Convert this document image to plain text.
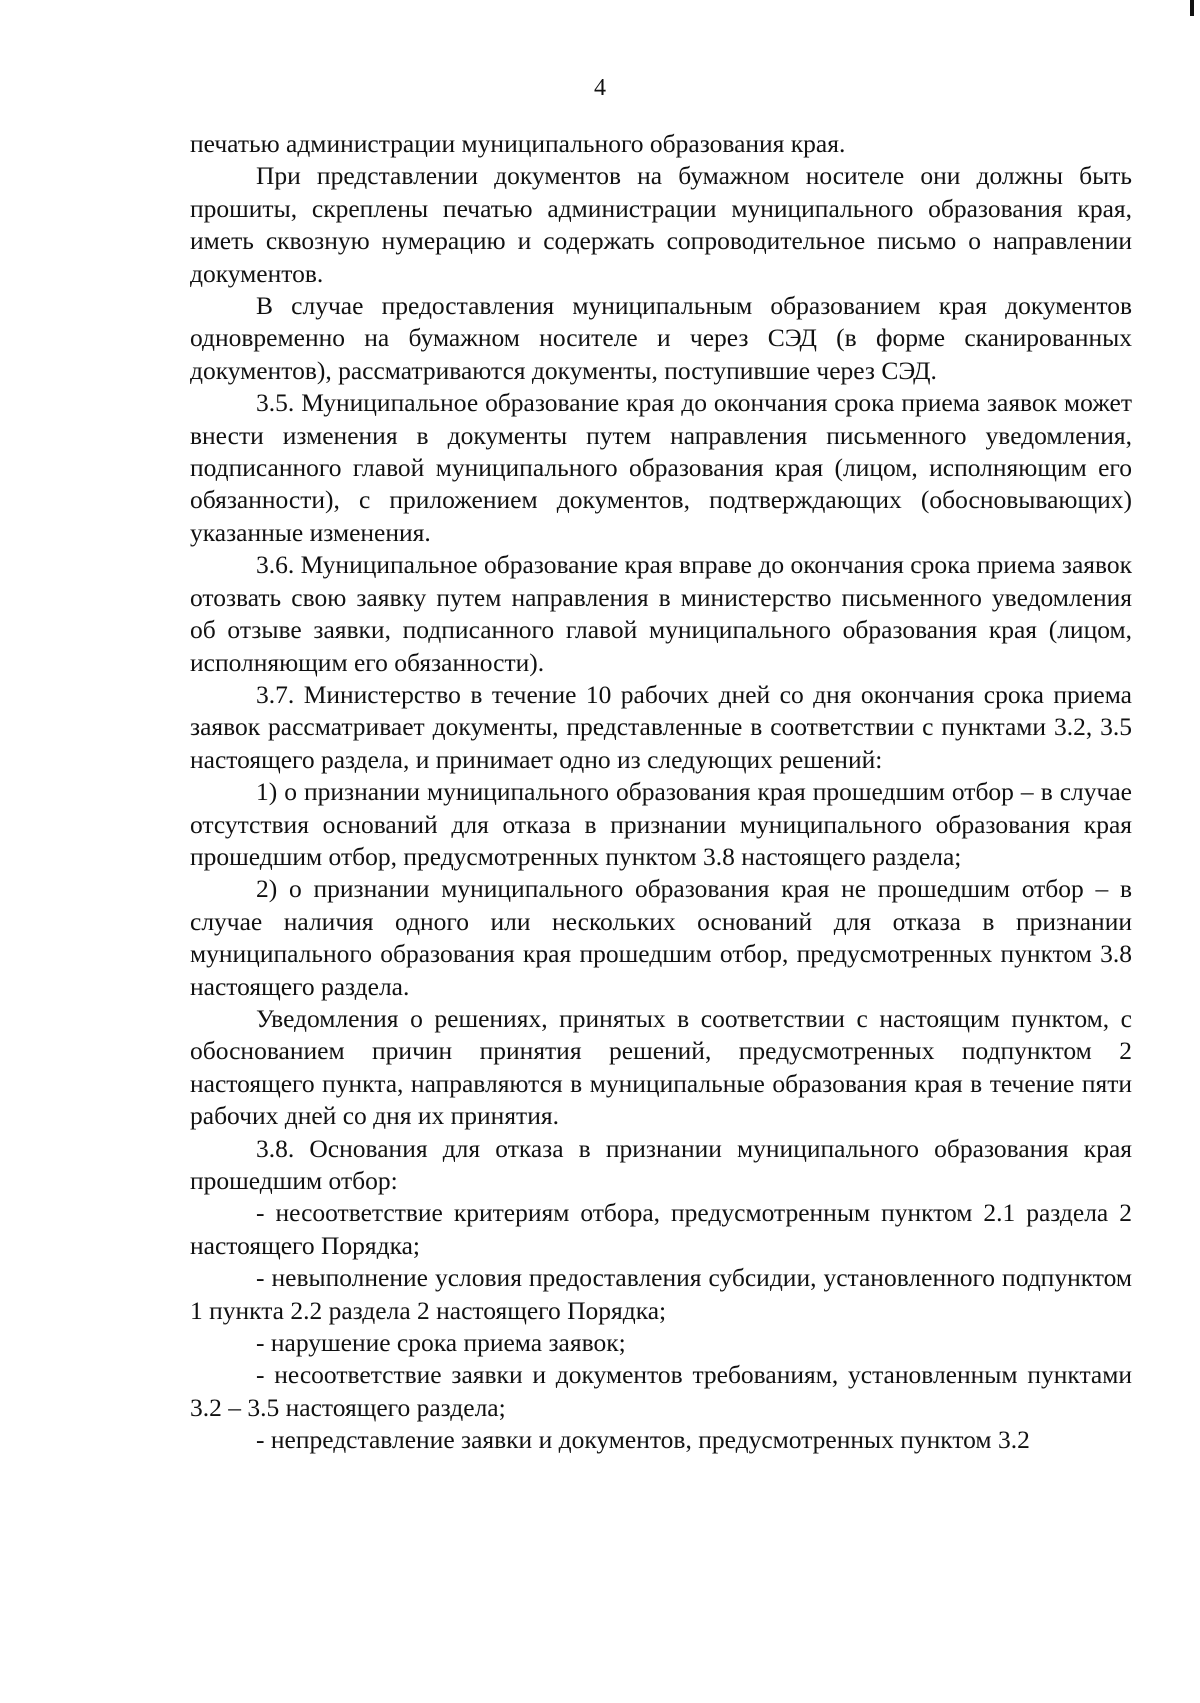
4

печатью администрации муниципального образования края.

При представлении документов на бумажном носителе они должны быть прошиты, скреплены печатью администрации муниципального образования края, иметь сквозную нумерацию и содержать сопроводительное письмо о направлении документов.

В случае предоставления муниципальным образованием края документов одновременно на бумажном носителе и через СЭД (в форме сканированных документов), рассматриваются документы, поступившие через СЭД.

3.5. Муниципальное образование края до окончания срока приема заявок может внести изменения в документы путем направления письменного уведомления, подписанного главой муниципального образования края (лицом, исполняющим его обязанности), с приложением документов, подтверждающих (обосновывающих) указанные изменения.

3.6. Муниципальное образование края вправе до окончания срока приема заявок отозвать свою заявку путем направления в министерство письменного уведомления об отзыве заявки, подписанного главой муниципального образования края (лицом, исполняющим его обязанности).

3.7. Министерство в течение 10 рабочих дней со дня окончания срока приема заявок рассматривает документы, представленные в соответствии с пунктами 3.2, 3.5 настоящего раздела, и принимает одно из следующих решений:

1) о признании муниципального образования края прошедшим отбор – в случае отсутствия оснований для отказа в признании муниципального образования края прошедшим отбор, предусмотренных пунктом 3.8 настоящего раздела;

2) о признании муниципального образования края не прошедшим отбор – в случае наличия одного или нескольких оснований для отказа в признании муниципального образования края прошедшим отбор, предусмотренных пунктом 3.8 настоящего раздела.

Уведомления о решениях, принятых в соответствии с настоящим пунктом, с обоснованием причин принятия решений, предусмотренных подпунктом 2 настоящего пункта, направляются в муниципальные образования края в течение пяти рабочих дней со дня их принятия.

3.8. Основания для отказа в признании муниципального образования края прошедшим отбор:

- несоответствие критериям отбора, предусмотренным пунктом 2.1 раздела 2 настоящего Порядка;

- невыполнение условия предоставления субсидии, установленного подпунктом 1 пункта 2.2 раздела 2 настоящего Порядка;

- нарушение срока приема заявок;

- несоответствие заявки и документов требованиям, установленным пунктами 3.2 – 3.5 настоящего раздела;

- непредставление заявки и документов, предусмотренных пунктом 3.2
